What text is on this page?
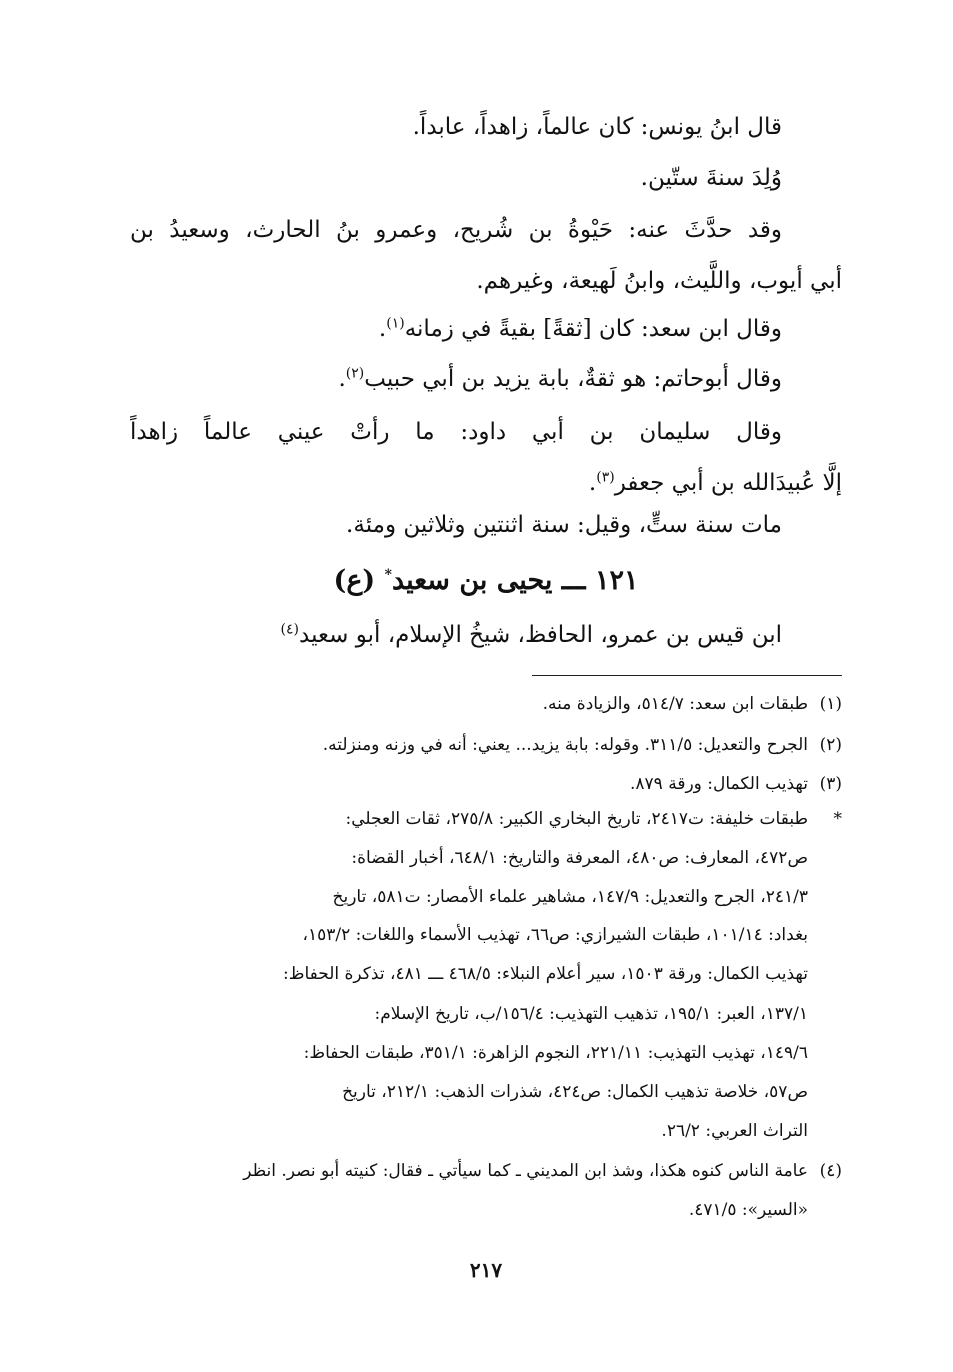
قال ابنُ يونس: كان عالماً، زاهداً، عابداً.
وُلِدَ سنةَ ستّين.
وقد حدَّثَ عنه: حَيْوةُ بن شُريح، وعمرو بنُ الحارث، وسعيدُ بن
أبي أيوب، واللَّيث، وابنُ لَهيعة، وغيرهم.
وقال ابن سعد: كان [ثقةً] بقيةً في زمانه$^{(١)}$.
وقال أبوحاتم: هو ثقةٌ، بابة يزيد بن أبي حبيب$^{(٢)}$.
وقال سليمان بن أبي داود: ما رأتْ عيني عالماً زاهداً
إلَّا عُبيدَالله بن أبي جعفر$^{(٣)}$.
مات سنة ستٍّ، وقيل: سنة اثنتين وثلاثين ومئة.
١٢١ ـــ يحيى بن سعيد* (ع)
ابن قيس بن عمرو، الحافظ، شيخُ الإسلام، أبو سعيد$^{(٤)}$
(١)طبقات ابن سعد: ٥١٤/٧، والزيادة منه.
(٢)الجرح والتعديل: ٣١١/٥. وقوله: بابة يزيد... يعني: أنه في وزنه ومنزلته.
(٣)تهذيب الكمال: ورقة ٨٧٩.
*طبقات خليفة: ت٢٤١٧، تاريخ البخاري الكبير: ٢٧٥/٨، ثقات العجلي:
ص٤٧٢، المعارف: ص٤٨٠، المعرفة والتاريخ: ٦٤٨/١، أخبار القضاة:
٢٤١/٣، الجرح والتعديل: ١٤٧/٩، مشاهير علماء الأمصار: ت٥٨١، تاريخ
بغداد: ١٠١/١٤، طبقات الشيرازي: ص٦٦، تهذيب الأسماء واللغات: ١٥٣/٢،
تهذيب الكمال: ورقة ١٥٠٣، سير أعلام النبلاء: ٤٦٨/٥ ـــ ٤٨١، تذكرة الحفاظ:
١٣٧/١، العبر: ١٩٥/١، تذهيب التهذيب: ١٥٦/٤/ب، تاريخ الإسلام:
١٤٩/٦، تهذيب التهذيب: ٢٢١/١١، النجوم الزاهرة: ٣٥١/١، طبقات الحفاظ:
ص٥٧، خلاصة تذهيب الكمال: ص٤٢٤، شذرات الذهب: ٢١٢/١، تاريخ
التراث العربي: ٢٦/٢.
(٤)عامة الناس كنوه هكذا، وشذ ابن المديني ـ كما سيأتي ـ فقال: كنيته أبو نصر. انظر
«السير»: ٤٧١/٥.
٢١٧
